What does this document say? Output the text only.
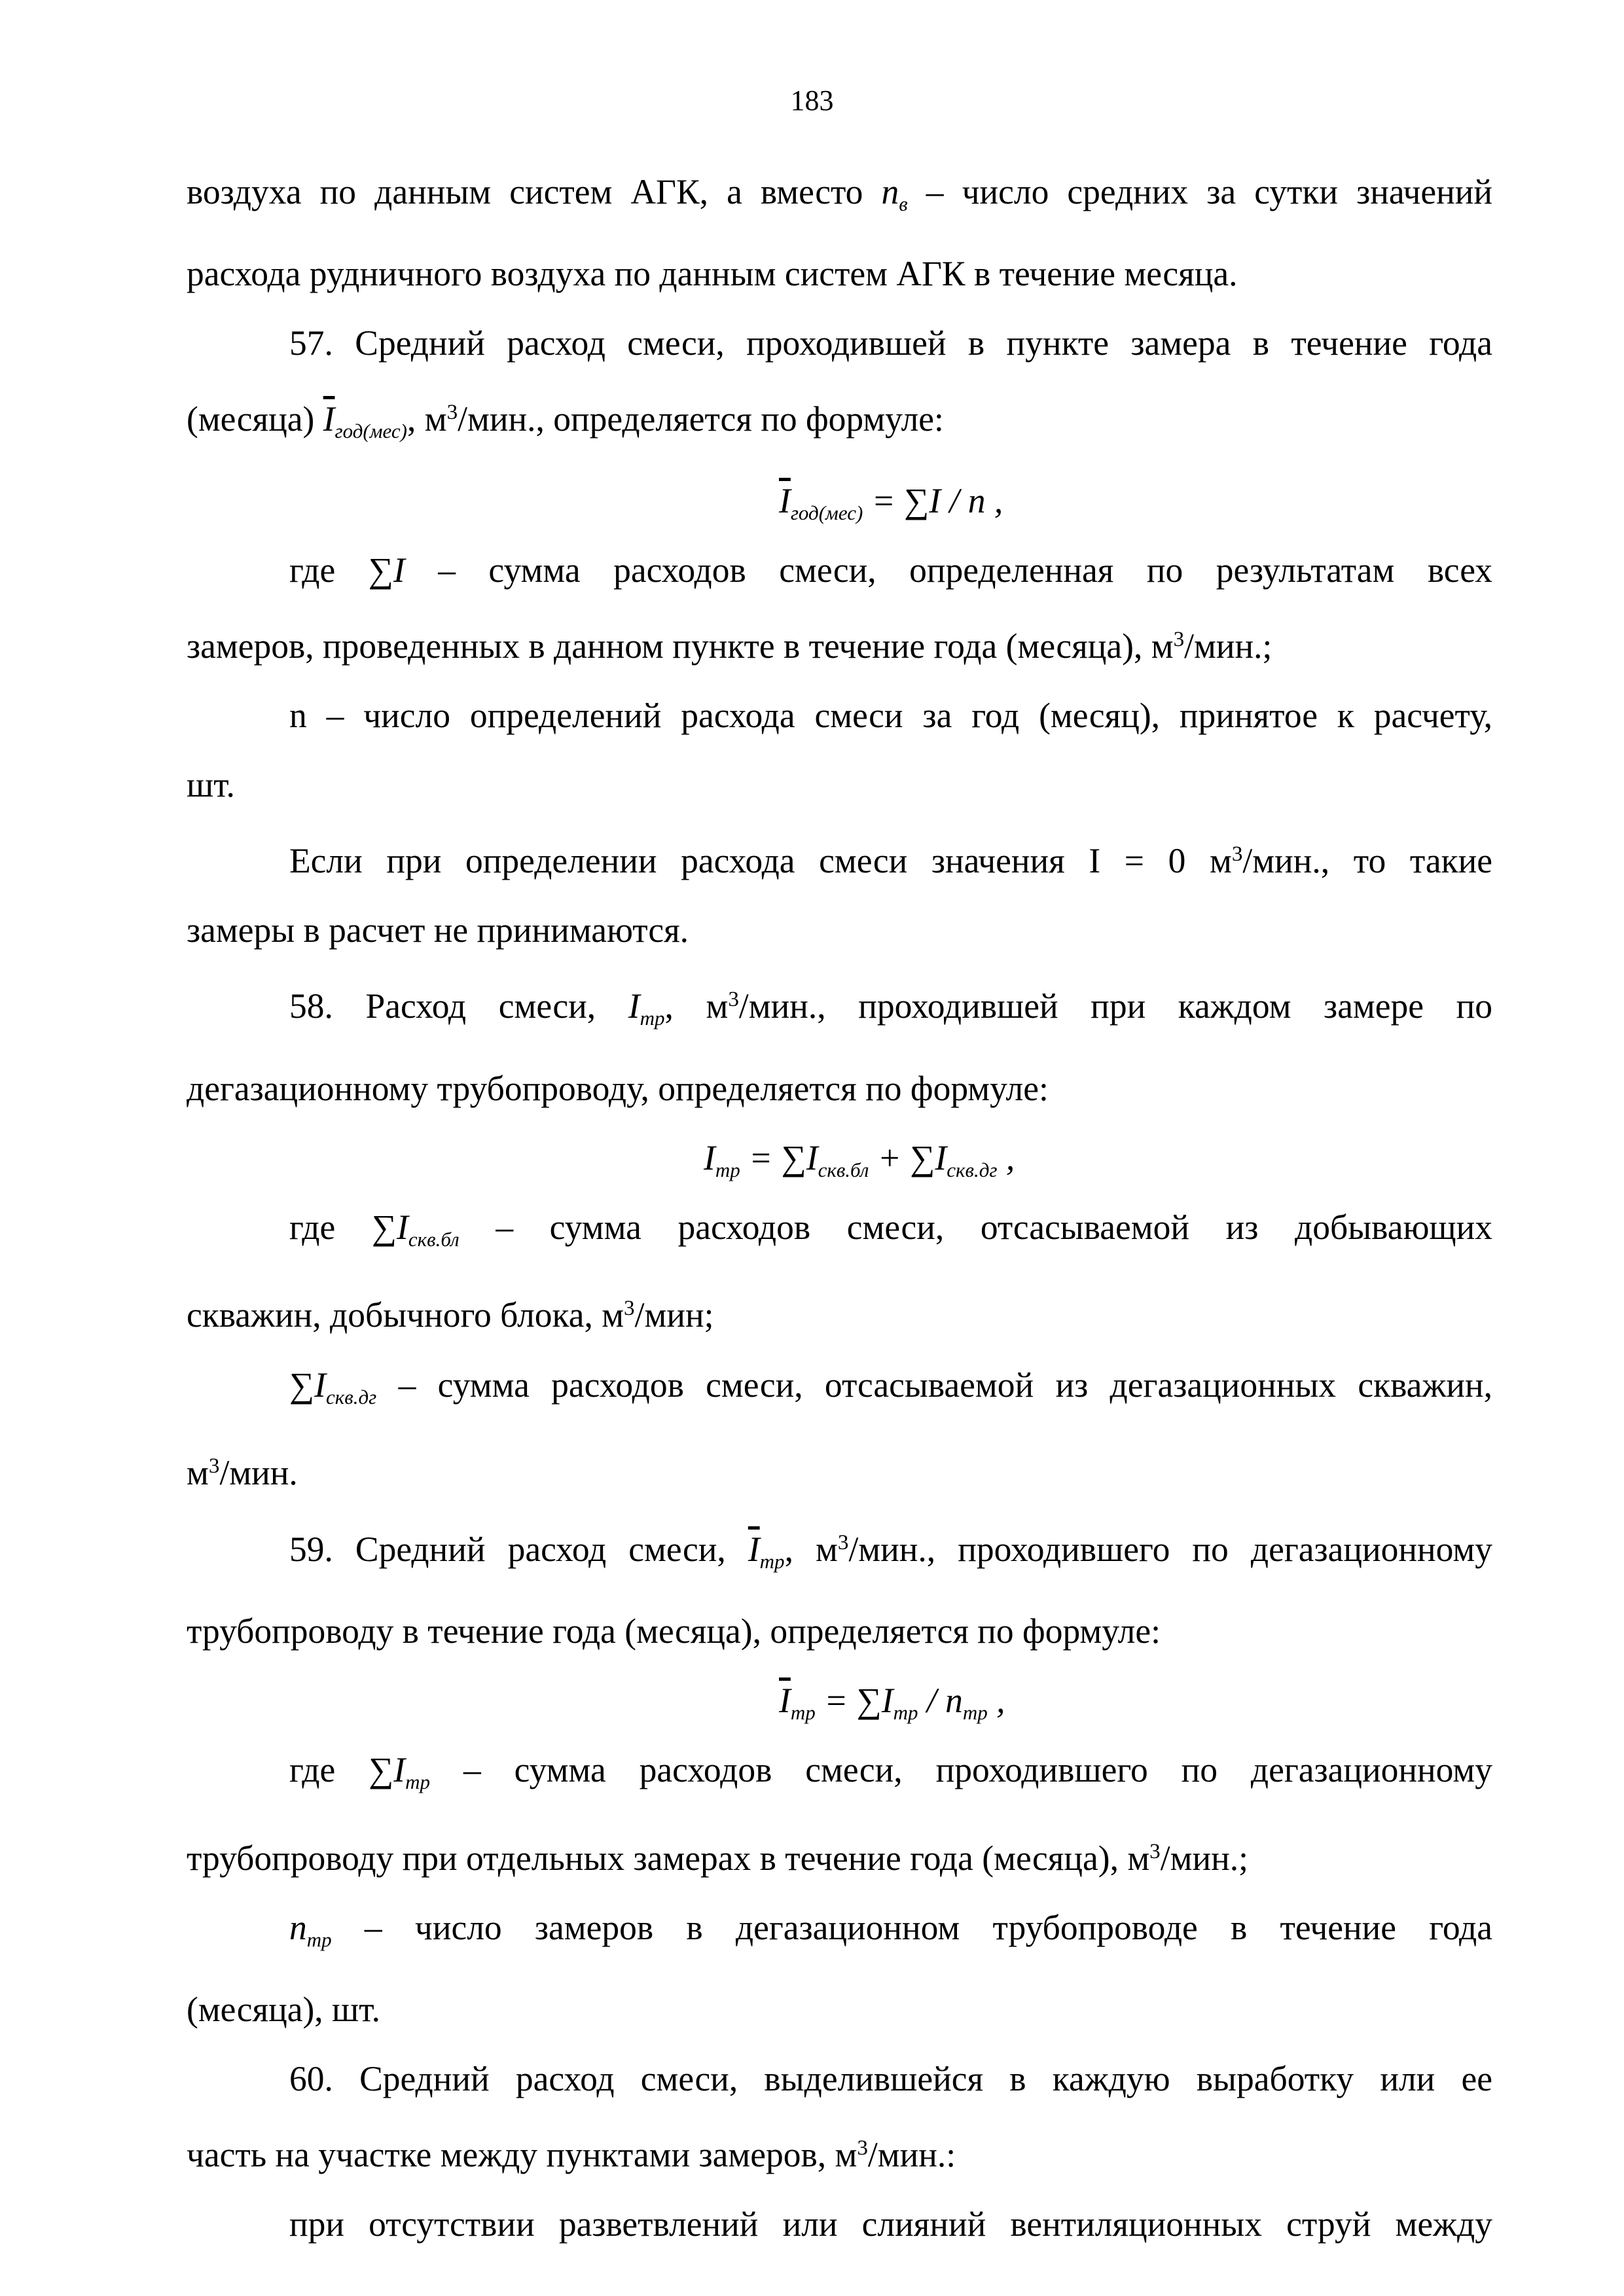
183

воздуха по данным систем АГК, а вместо $n_в$ – число средних за сутки значений

расхода рудничного воздуха по данным систем АГК в течение месяца.

57. Средний расход смеси, проходившей в пункте замера в течение года

(месяца) $\overline{I}_{год(мес)}$, $м^3$/мин., определяется по формуле:

$\overline{I}_{год(мес)} = \sum I / n$ ,

где ∑I – сумма расходов смеси, определенная по результатам всех

замеров, проведенных в данном пункте в течение года (месяца), $м^3$/мин.;

n – число определений расхода смеси за год (месяц), принятое к расчету,

шт.

Если при определении расхода смеси значения I = 0 $м^3$/мин., то такие

замеры в расчет не принимаются.

58. Расход смеси, $I_{тр}$, $м^3$/мин., проходившей при каждом замере по

дегазационному трубопроводу, определяется по формуле:

$I_{тр} = \sum I_{скв.бл} + \sum I_{скв.дг}$ ,

где $\sum I_{скв.бл}$ – сумма расходов смеси, отсасываемой из добывающих

скважин, добычного блока, $м^3$/мин;

$\sum I_{скв.дг}$ – сумма расходов смеси, отсасываемой из дегазационных скважин,

$м^3$/мин.

59. Средний расход смеси, $\overline{I}_{тр}$, $м^3$/мин., проходившего по дегазационному

трубопроводу в течение года (месяца), определяется по формуле:

$\overline{I}_{тр} = \sum I_{тр} / n_{тр}$ ,

где $\sum I_{тр}$ – сумма расходов смеси, проходившего по дегазационному

трубопроводу при отдельных замерах в течение года (месяца), $м^3$/мин.;

$n_{тр}$ – число замеров в дегазационном трубопроводе в течение года

(месяца), шт.

60. Средний расход смеси, выделившейся в каждую выработку или ее

часть на участке между пунктами замеров, $м^3$/мин.:

при отсутствии разветвлений или слияний вентиляционных струй между
